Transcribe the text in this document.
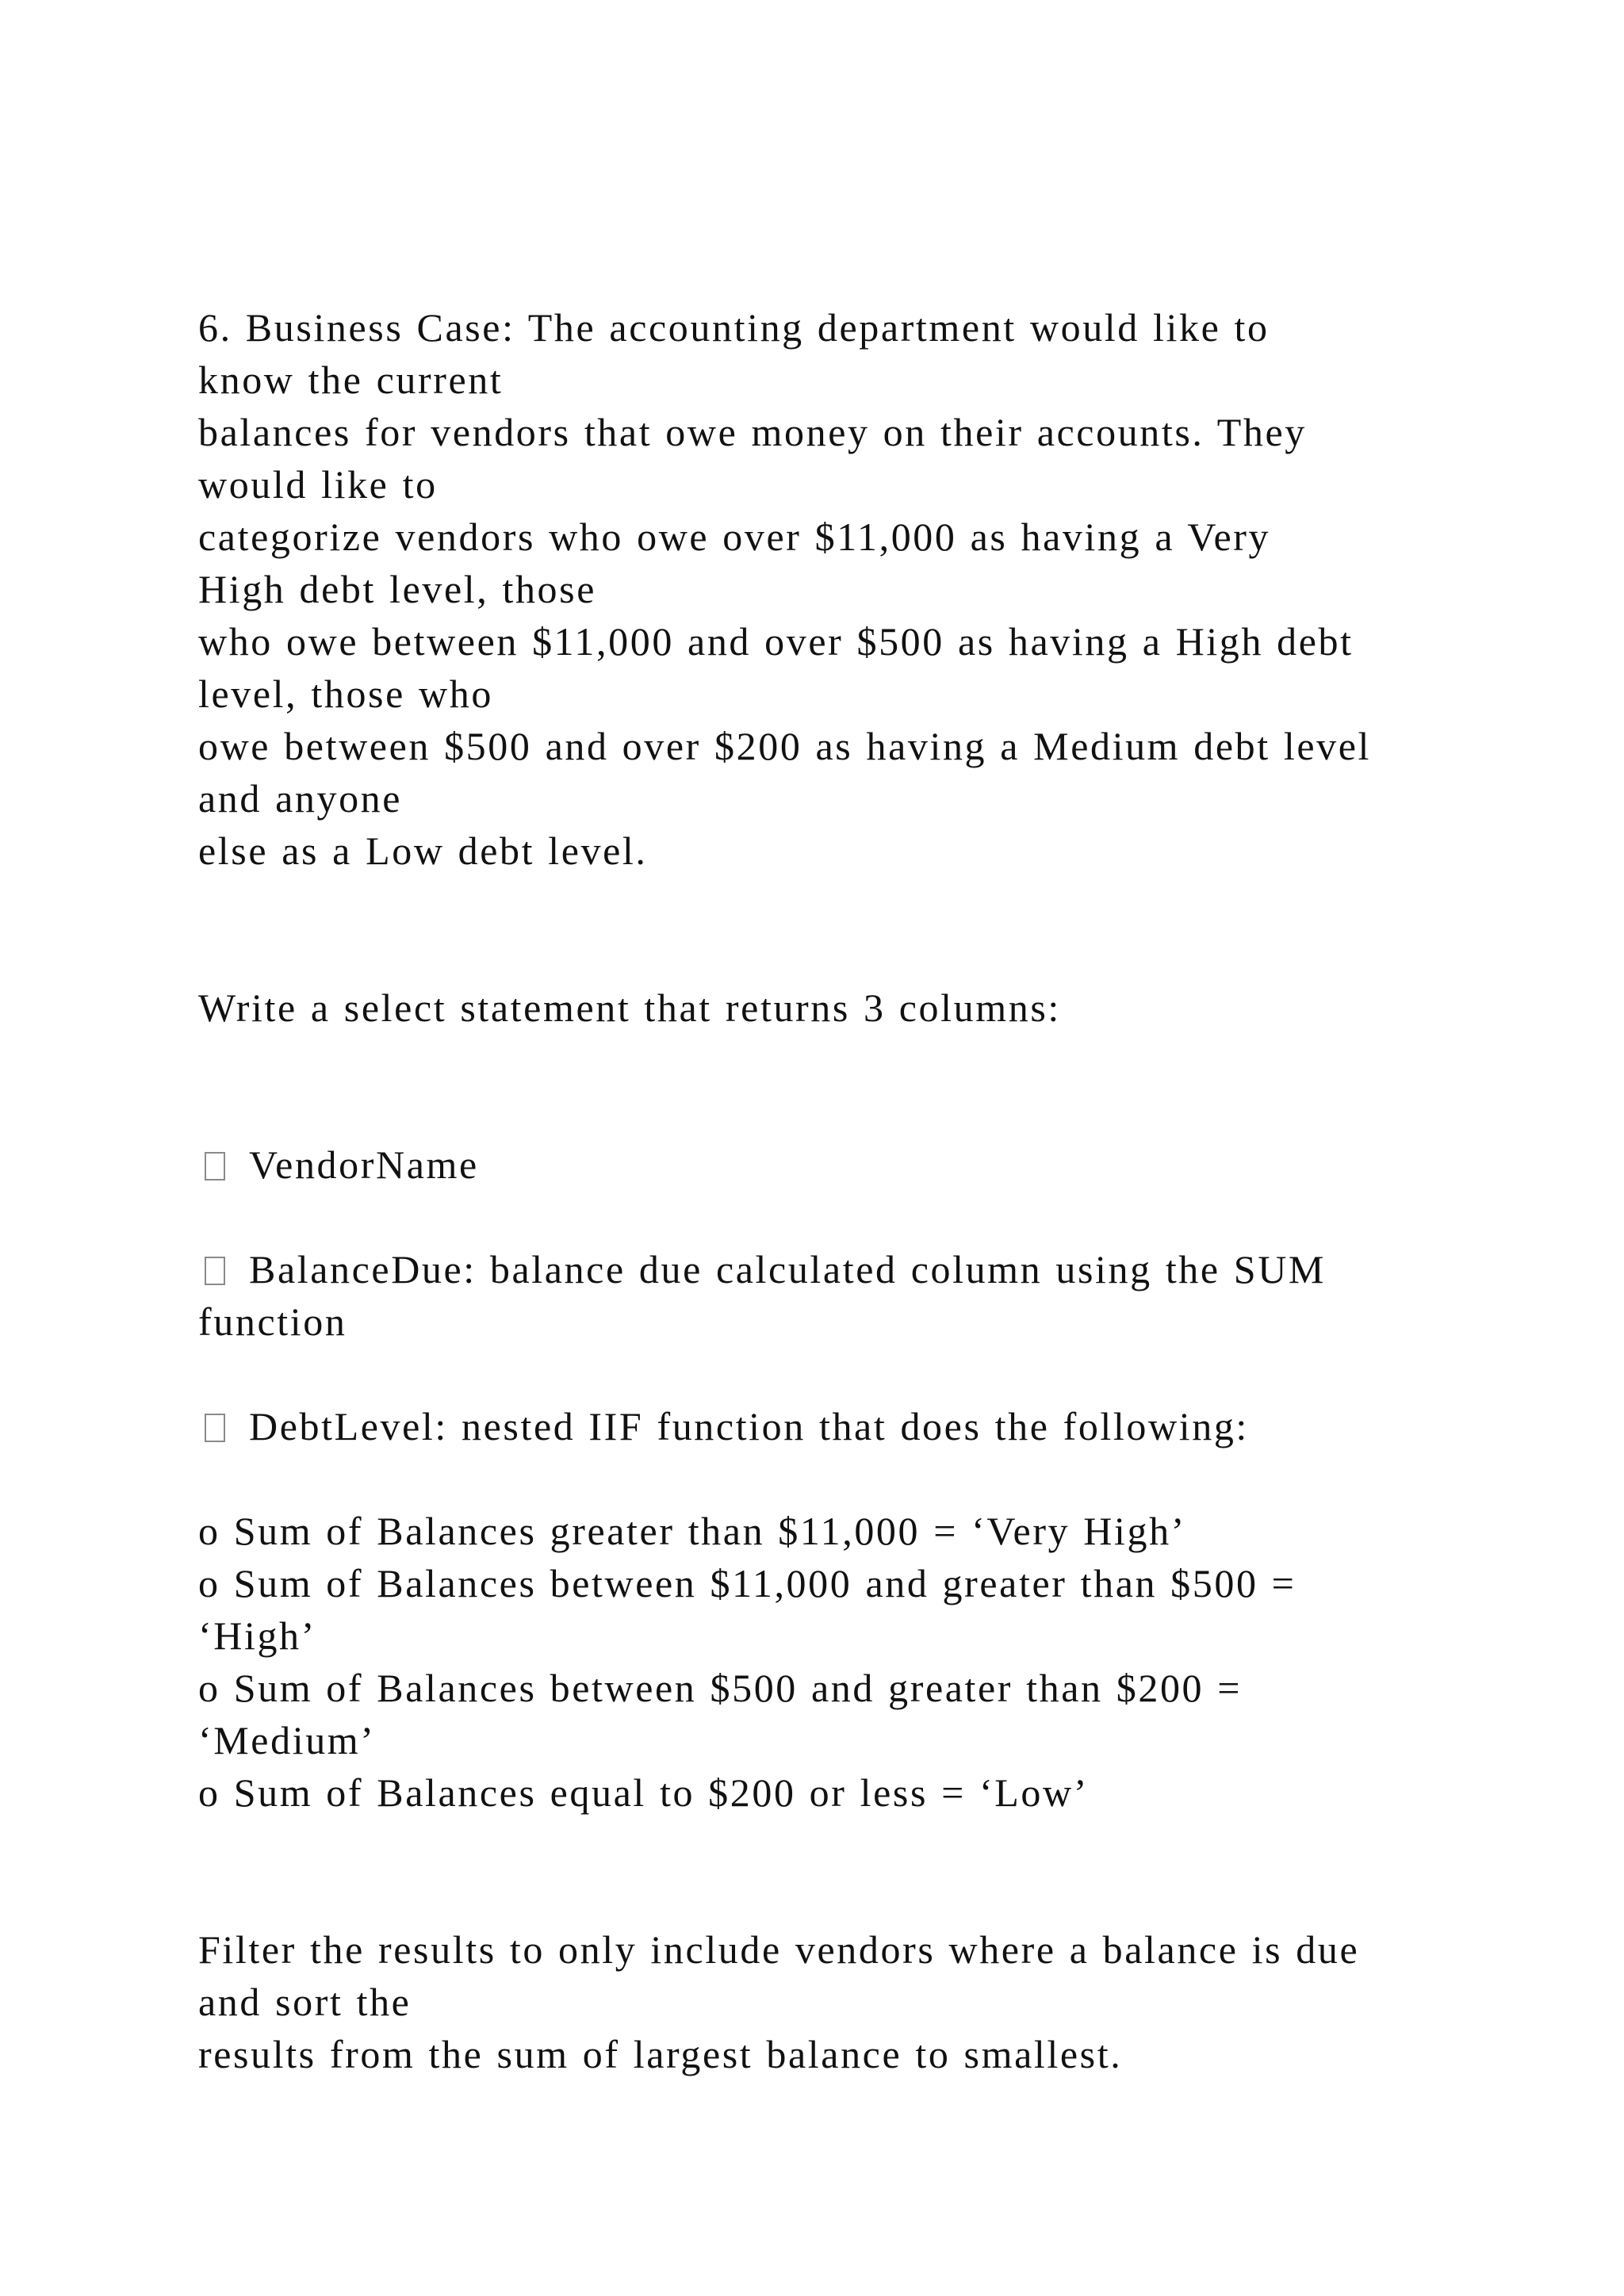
6. Business Case: The accounting department would like to
know the current
balances for vendors that owe money on their accounts. They
would like to
categorize vendors who owe over $11,000 as having a Very
High debt level, those
who owe between $11,000 and over $500 as having a High debt
level, those who
owe between $500 and over $200 as having a Medium debt level
and anyone
else as a Low debt level.
Write a select statement that returns 3 columns:
VendorName
BalanceDue: balance due calculated column using the SUM
function
DebtLevel: nested IIF function that does the following:
o Sum of Balances greater than $11,000 = ‘Very High’
o Sum of Balances between $11,000 and greater than $500 =
‘High’
o Sum of Balances between $500 and greater than $200 =
‘Medium’
o Sum of Balances equal to $200 or less = ‘Low’
Filter the results to only include vendors where a balance is due
and sort the
results from the sum of largest balance to smallest.
